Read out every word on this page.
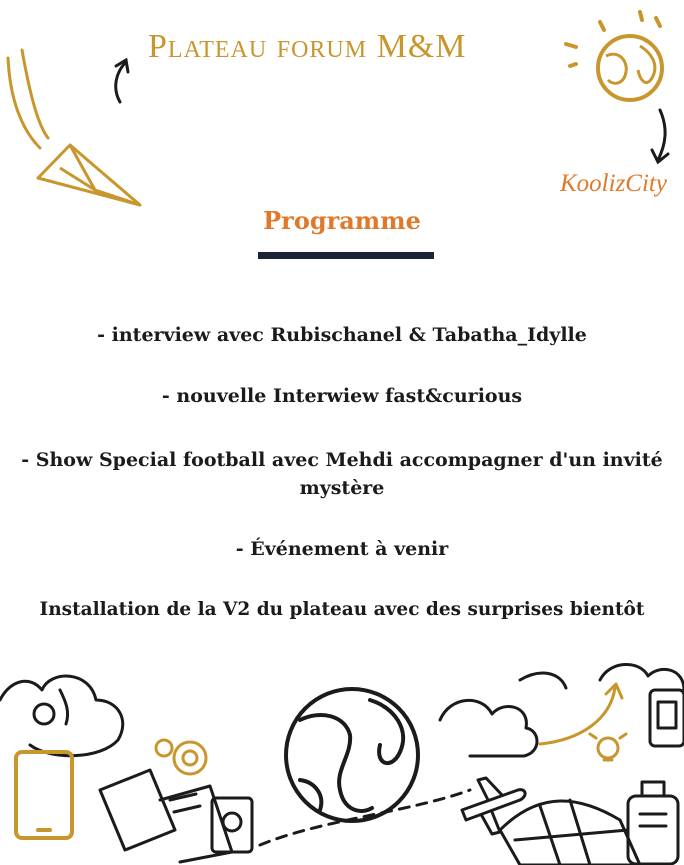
Plateau forum M&M
KoolizCity
Programme
- interview avec Rubischanel & Tabatha_Idylle
- nouvelle Interwiew fast&curious
- Show Special football avec Mehdi accompagner d'un invité mystère
- Événement à venir
Installation de la V2 du plateau avec des surprises bientôt
